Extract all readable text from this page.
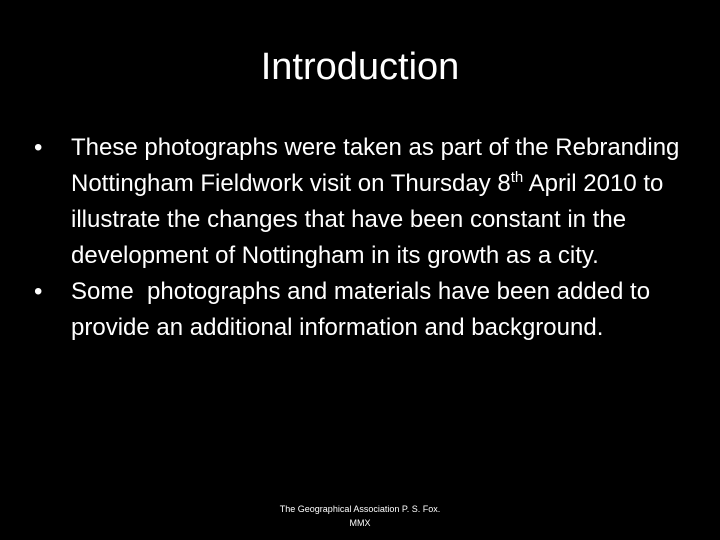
Introduction
•	These photographs were taken as part of the Rebranding Nottingham Fieldwork visit on Thursday 8th April 2010 to illustrate the changes that have been constant in the development of Nottingham in its growth as a city.
•	Some  photographs and materials have been added to provide an additional information and background.
The Geographical Association P. S. Fox.
MMX
